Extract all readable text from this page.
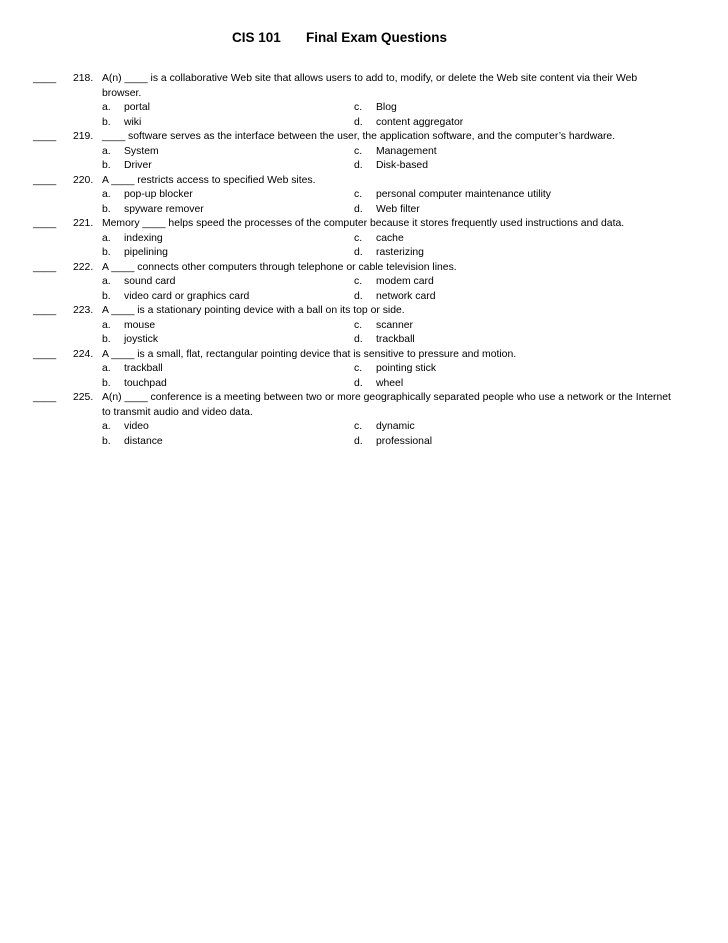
CIS 101 Final Exam Questions
____ 218. A(n) ____ is a collaborative Web site that allows users to add to, modify, or delete the Web site content via their Web browser.
a. portal	c. Blog
b. wiki	d. content aggregator
____ 219. ____ software serves as the interface between the user, the application software, and the computer’s hardware.
a. System	c. Management
b. Driver	d. Disk-based
____ 220. A ____ restricts access to specified Web sites.
a. pop-up blocker	c. personal computer maintenance utility
b. spyware remover	d. Web filter
____ 221. Memory ____ helps speed the processes of the computer because it stores frequently used instructions and data.
a. indexing	c. cache
b. pipelining	d. rasterizing
____ 222. A ____ connects other computers through telephone or cable television lines.
a. sound card	c. modem card
b. video card or graphics card	d. network card
____ 223. A ____ is a stationary pointing device with a ball on its top or side.
a. mouse	c. scanner
b. joystick	d. trackball
____ 224. A ____ is a small, flat, rectangular pointing device that is sensitive to pressure and motion.
a. trackball	c. pointing stick
b. touchpad	d. wheel
____ 225. A(n) ____ conference is a meeting between two or more geographically separated people who use a network or the Internet to transmit audio and video data.
a. video	c. dynamic
b. distance	d. professional
